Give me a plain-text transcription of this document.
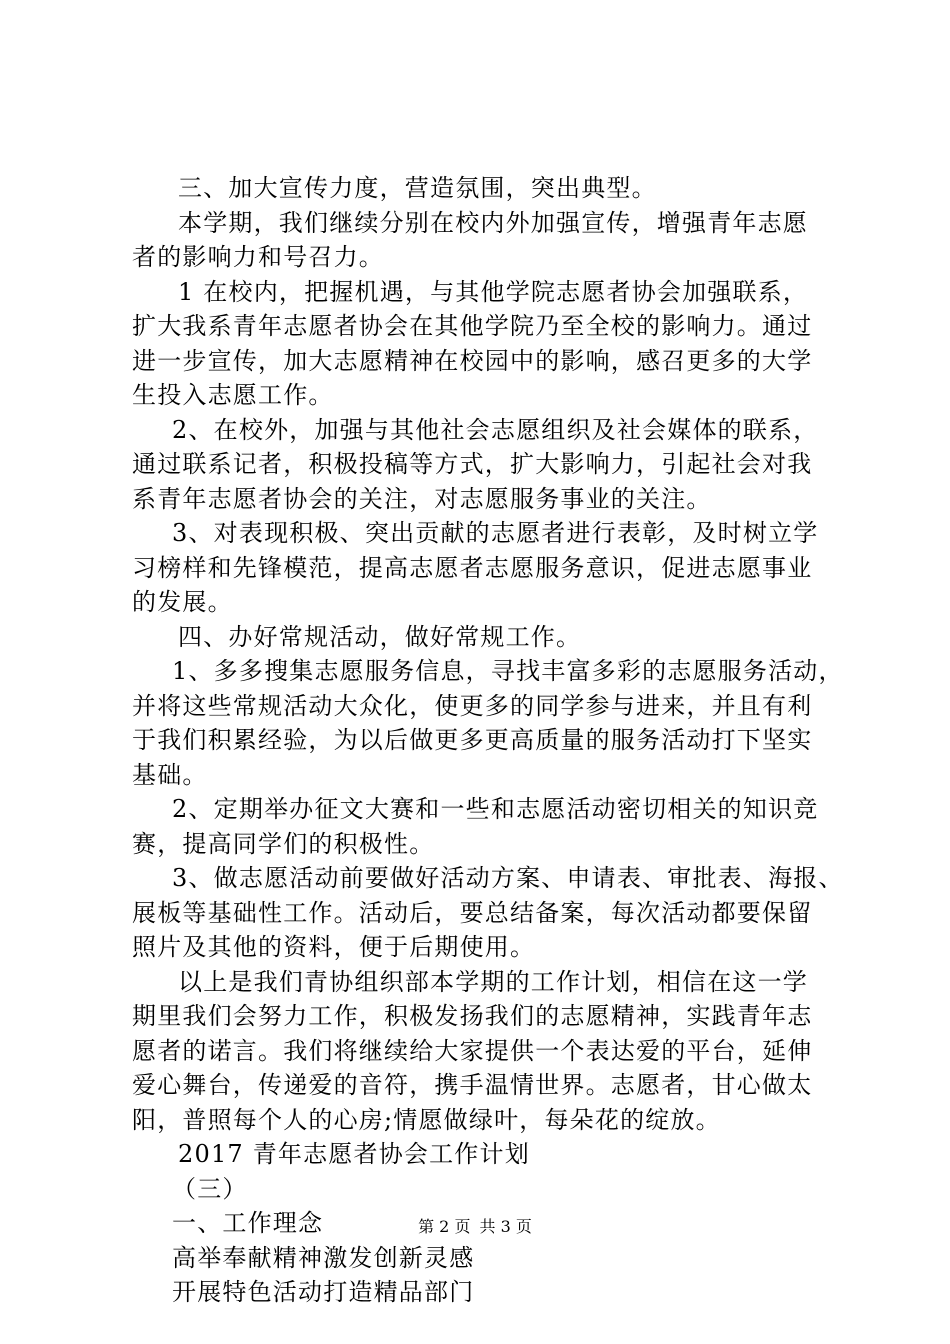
三、加大宣传力度，营造氛围，突出典型。
本学期，我们继续分别在校内外加强宣传，增强青年志愿
者的影响力和号召力。
1 在校内，把握机遇，与其他学院志愿者协会加强联系，
扩大我系青年志愿者协会在其他学院乃至全校的影响力。通过
进一步宣传，加大志愿精神在校园中的影响，感召更多的大学
生投入志愿工作。
2、在校外，加强与其他社会志愿组织及社会媒体的联系，
通过联系记者，积极投稿等方式，扩大影响力，引起社会对我
系青年志愿者协会的关注，对志愿服务事业的关注。
3、对表现积极、突出贡献的志愿者进行表彰，及时树立学
习榜样和先锋模范，提高志愿者志愿服务意识，促进志愿事业
的发展。
四、办好常规活动，做好常规工作。
1、多多搜集志愿服务信息，寻找丰富多彩的志愿服务活动，
并将这些常规活动大众化，使更多的同学参与进来，并且有利
于我们积累经验，为以后做更多更高质量的服务活动打下坚实
基础。
2、定期举办征文大赛和一些和志愿活动密切相关的知识竞
赛，提高同学们的积极性。
3、做志愿活动前要做好活动方案、申请表、审批表、海报、
展板等基础性工作。活动后，要总结备案，每次活动都要保留
照片及其他的资料，便于后期使用。
以上是我们青协组织部本学期的工作计划，相信在这一学
期里我们会努力工作，积极发扬我们的志愿精神，实践青年志
愿者的诺言。我们将继续给大家提供一个表达爱的平台，延伸
爱心舞台，传递爱的音符，携手温情世界。志愿者，甘心做太
阳，普照每个人的心房;情愿做绿叶，每朵花的绽放。
2017 青年志愿者协会工作计划
（三）
一、工作理念
高举奉献精神激发创新灵感
开展特色活动打造精品部门
第 2 页 共 3 页
